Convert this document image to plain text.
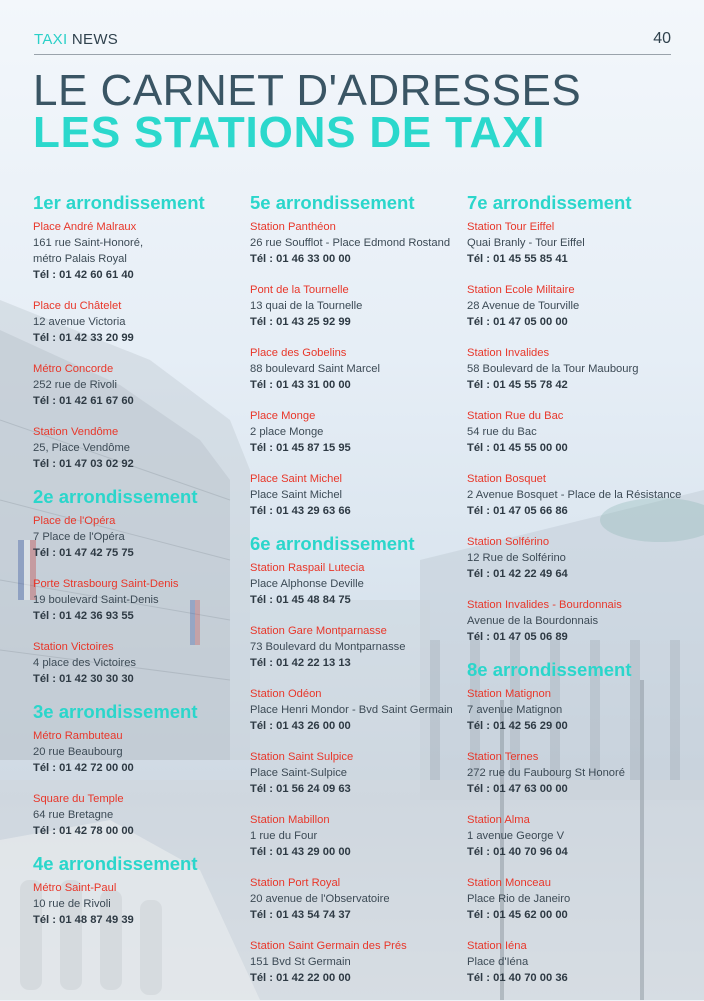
TAXI NEWS	40
LE CARNET D'ADRESSES
LES STATIONS DE TAXI
1er arrondissement
Place André Malraux
161 rue Saint-Honoré,
métro Palais Royal
Tél : 01 42 60 61 40
Place du Châtelet
12 avenue Victoria
Tél : 01 42 33 20 99
Métro Concorde
252 rue de Rivoli
Tél : 01 42 61 67 60
Station Vendôme
25, Place Vendôme
Tél : 01 47 03 02 92
2e arrondissement
Place de l'Opéra
7 Place de l'Opéra
Tél : 01 47 42 75 75
Porte Strasbourg Saint-Denis
19 boulevard Saint-Denis
Tél : 01 42 36 93 55
Station Victoires
4 place des Victoires
Tél : 01 42 30 30 30
3e arrondissement
Métro Rambuteau
20 rue Beaubourg
Tél : 01 42 72 00 00
Square du Temple
64 rue Bretagne
Tél : 01 42 78 00 00
4e arrondissement
Métro Saint-Paul
10 rue de Rivoli
Tél : 01 48 87 49 39
5e arrondissement
Station Panthéon
26 rue Soufflot - Place Edmond Rostand
Tél : 01 46 33 00 00
Pont de la Tournelle
13 quai de la Tournelle
Tél : 01 43 25 92 99
Place des Gobelins
88 boulevard Saint Marcel
Tél : 01 43 31 00 00
Place Monge
2 place Monge
Tél : 01 45 87 15 95
Place Saint Michel
Place Saint Michel
Tél : 01 43 29 63 66
6e arrondissement
Station Raspail Lutecia
Place Alphonse Deville
Tél : 01 45 48 84 75
Station Gare Montparnasse
73 Boulevard du Montparnasse
Tél : 01 42 22 13 13
Station Odéon
Place Henri Mondor - Bvd Saint Germain
Tél : 01 43 26 00 00
Station Saint Sulpice
Place Saint-Sulpice
Tél : 01 56 24 09 63
Station Mabillon
1 rue du Four
Tél : 01 43 29 00 00
Station Port Royal
20 avenue de l'Observatoire
Tél : 01 43 54 74 37
Station Saint Germain des Prés
151 Bvd St Germain
Tél : 01 42 22 00 00
7e arrondissement
Station Tour Eiffel
Quai Branly - Tour Eiffel
Tél : 01 45 55 85 41
Station Ecole Militaire
28 Avenue de Tourville
Tél : 01 47 05 00 00
Station Invalides
58 Boulevard de la Tour Maubourg
Tél : 01 45 55 78 42
Station Rue du Bac
54 rue du Bac
Tél : 01 45 55 00 00
Station Bosquet
2 Avenue Bosquet - Place de la Résistance
Tél : 01 47 05 66 86
Station Solférino
12 Rue de Solférino
Tél : 01 42 22 49 64
Station Invalides - Bourdonnais
Avenue de la Bourdonnais
Tél : 01 47 05 06 89
8e arrondissement
Station Matignon
7 avenue Matignon
Tél : 01 42 56 29 00
Station Ternes
272 rue du Faubourg St Honoré
Tél : 01 47 63 00 00
Station Alma
1 avenue George V
Tél : 01 40 70 96 04
Station Monceau
Place Rio de Janeiro
Tél : 01 45 62 00 00
Station Iéna
Place d'Iéna
Tél : 01 40 70 00 36
